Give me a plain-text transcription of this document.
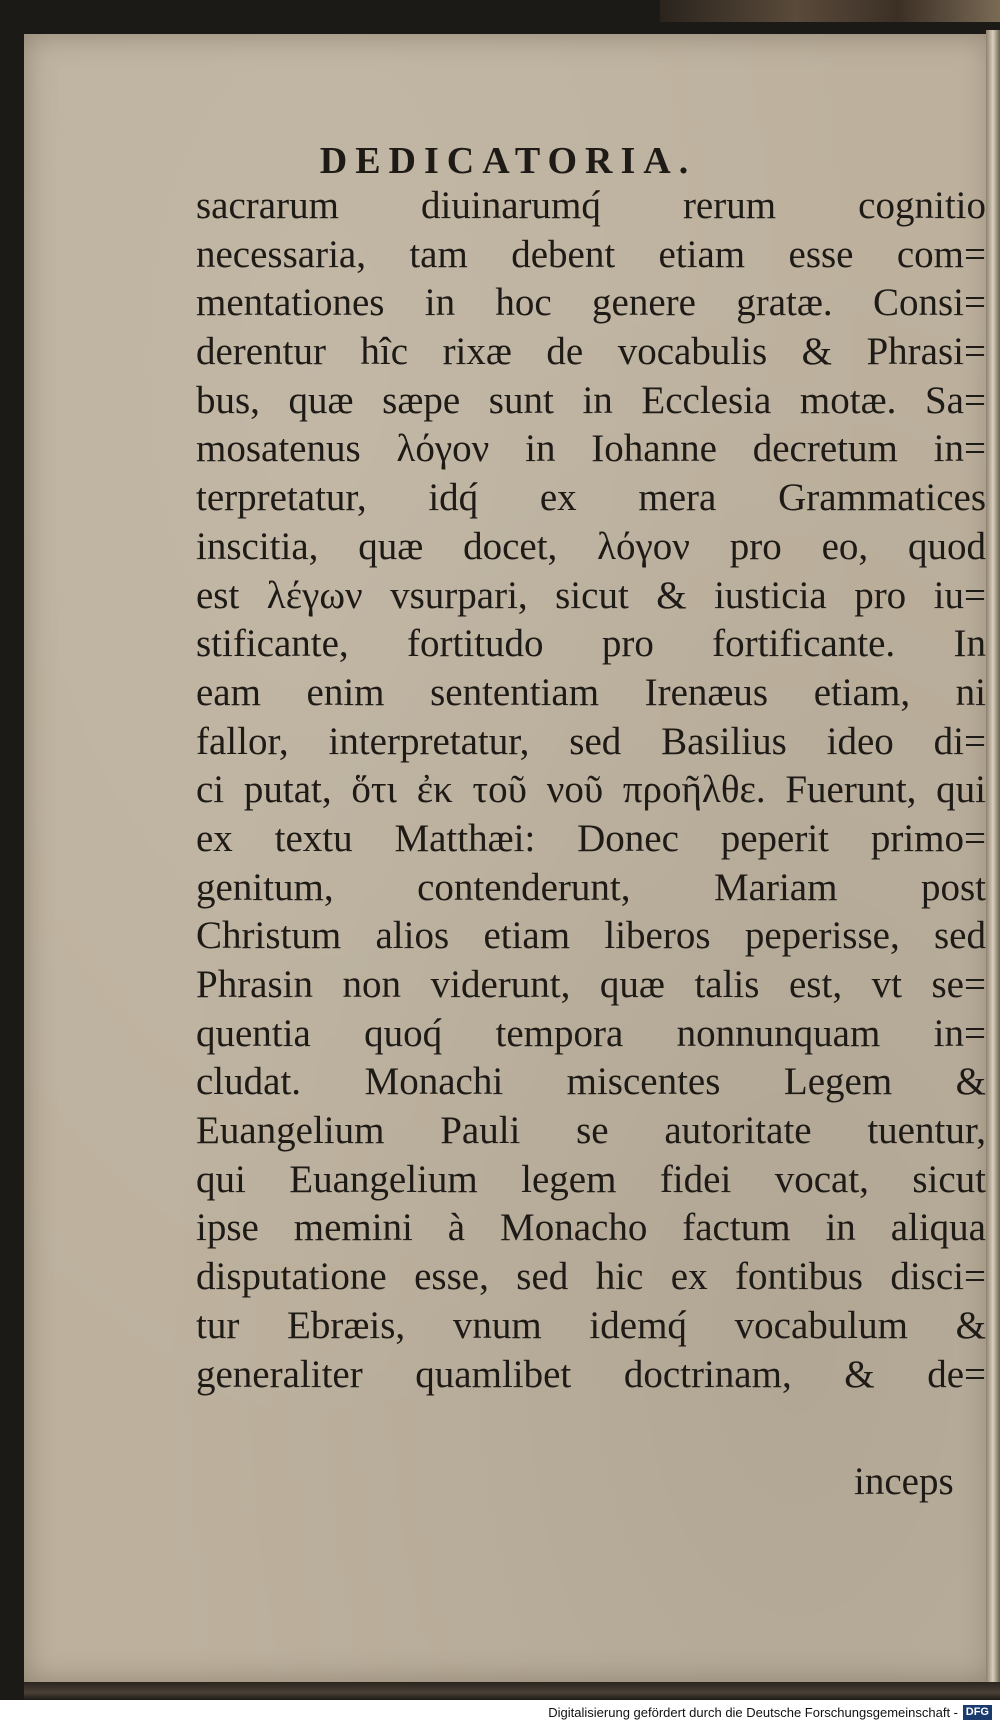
DEDICATORIA.
sacrarum diuinarumq́ rerum cognitio
necessaria, tam debent etiam esse com=
mentationes in hoc genere gratæ. Consi=
derentur hîc rixæ de vocabulis & Phrasi=
bus, quæ sæpe sunt in Ecclesia motæ. Sa=
mosatenus λόγον in Iohanne decretum in=
terpretatur, idq́ ex mera Grammatices
inscitia, quæ docet, λόγον pro eo, quod
est λέγων vsurpari, sicut & iusticia pro iu=
stificante, fortitudo pro fortificante. In
eam enim sententiam Irenæus etiam, ni
fallor, interpretatur, sed Basilius ideo di=
ci putat, ὅτι ἐκ τοῦ νοῦ προῆλθε. Fuerunt, qui
ex textu Matthæi: Donec peperit primo=
genitum, contenderunt, Mariam post
Christum alios etiam liberos peperisse, sed
Phrasin non viderunt, quæ talis est, vt se=
quentia quoq́ tempora nonnunquam in=
cludat. Monachi miscentes Legem &
Euangelium Pauli se autoritate tuentur,
qui Euangelium legem fidei vocat, sicut
ipse memini à Monacho factum in aliqua
disputatione esse, sed hic ex fontibus disci=
tur Ebræis, vnum idemq́ vocabulum &
generaliter quamlibet doctrinam, & de=
inceps
Digitalisierung gefördert durch die Deutsche Forschungsgemeinschaft - DFG
